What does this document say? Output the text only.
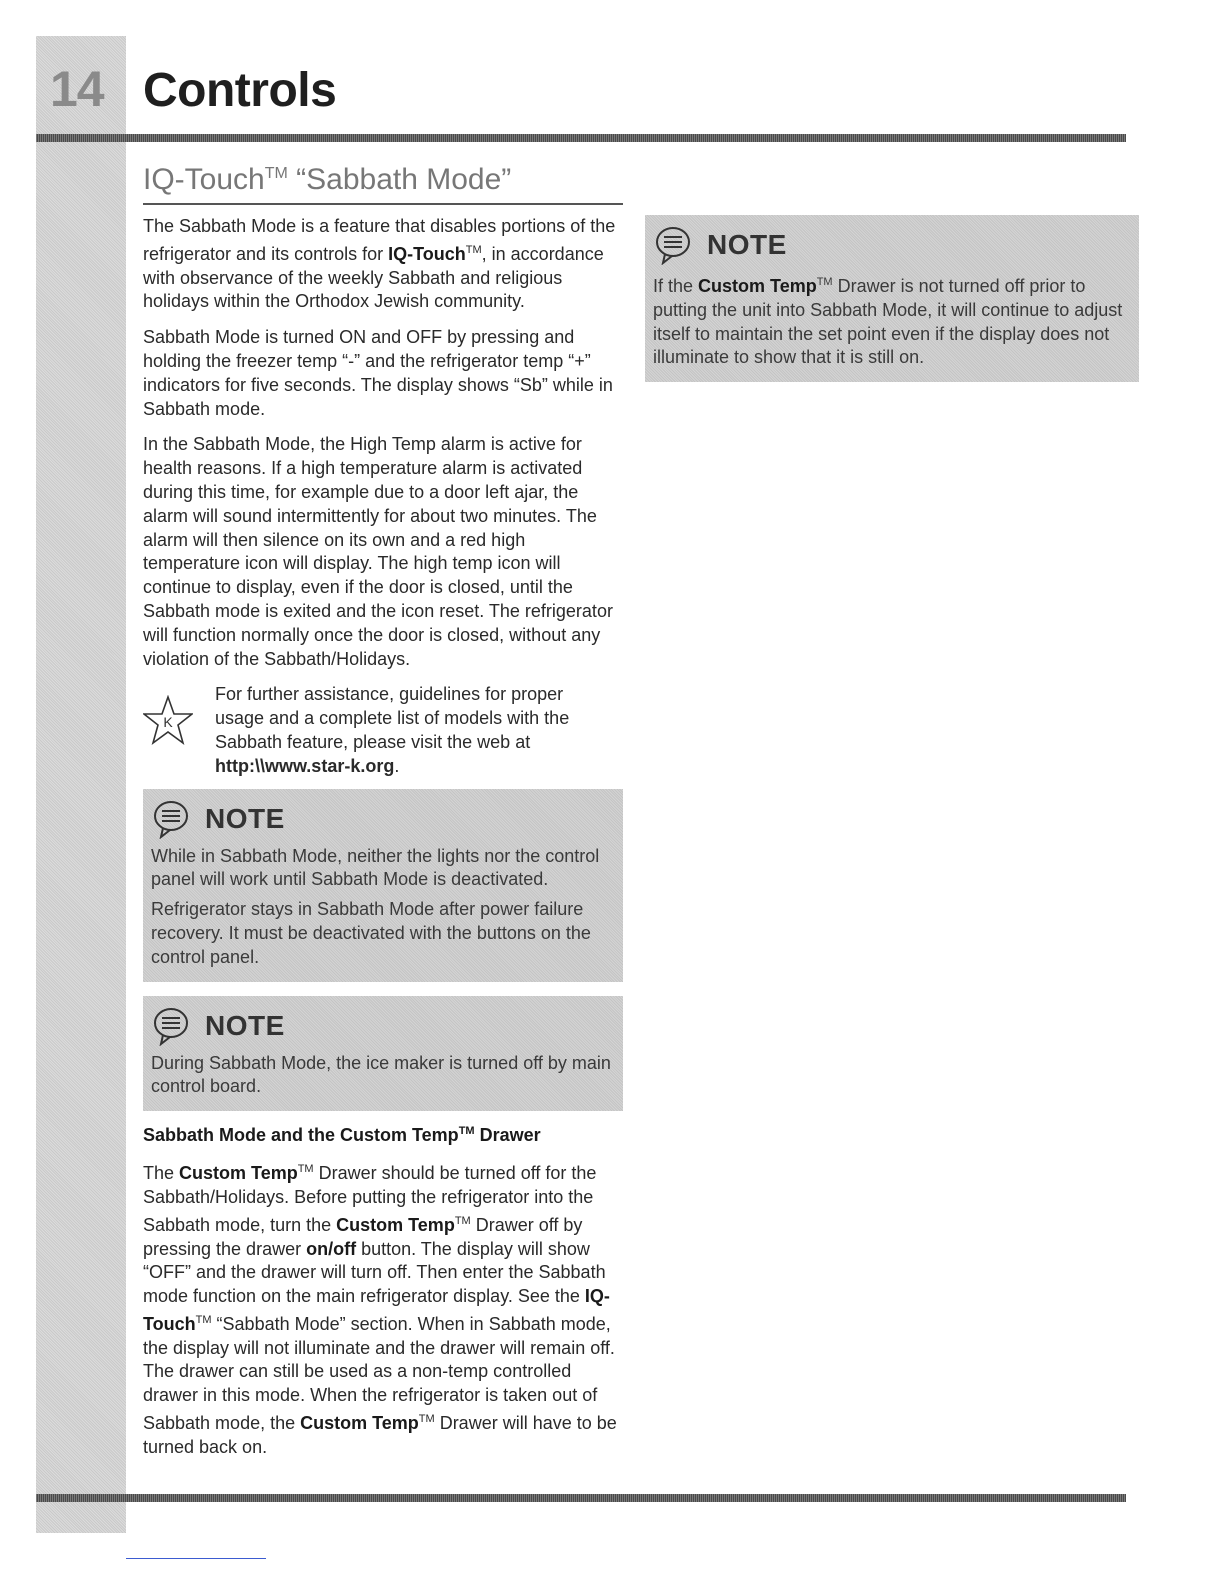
14 Controls
IQ-Touch™ “Sabbath Mode”

The Sabbath Mode is a feature that disables portions of the refrigerator and its controls for IQ-Touch™, in accordance with observance of the weekly Sabbath and religious holidays within the Orthodox Jewish community.

Sabbath Mode is turned ON and OFF by pressing and holding the freezer temp “-” and the refrigerator temp “+” indicators for five seconds. The display shows “Sb” while in Sabbath mode.

In the Sabbath Mode, the High Temp alarm is active for health reasons. If a high temperature alarm is activated during this time, for example due to a door left ajar, the alarm will sound intermittently for about two minutes. The alarm will then silence on its own and a red high temperature icon will display. The high temp icon will continue to display, even if the door is closed, until the Sabbath mode is exited and the icon reset. The refrigerator will function normally once the door is closed, without any violation of the Sabbath/Holidays.

K

For further assistance, guidelines for proper usage and a complete list of models with the Sabbath feature, please visit the web at http:\\www.star-k.org.

NOTE

While in Sabbath Mode, neither the lights nor the control panel will work until Sabbath Mode is deactivated.

Refrigerator stays in Sabbath Mode after power failure recovery. It must be deactivated with the buttons on the control panel.

NOTE

During Sabbath Mode, the ice maker is turned off by main control board.

Sabbath Mode and the Custom Temp™ Drawer

The Custom Temp™ Drawer should be turned off for the Sabbath/Holidays. Before putting the refrigerator into the Sabbath mode, turn the Custom Temp™ Drawer off by pressing the drawer on/off button. The display will show “OFF” and the drawer will turn off. Then enter the Sabbath mode function on the main refrigerator display. See the IQ-Touch™ “Sabbath Mode” section. When in Sabbath mode, the display will not illuminate and the drawer will remain off. The drawer can still be used as a non-temp controlled drawer in this mode. When the refrigerator is taken out of Sabbath mode, the Custom Temp™ Drawer will have to be turned back on.

NOTE

If the Custom Temp™ Drawer is not turned off prior to putting the unit into Sabbath Mode, it will continue to adjust itself to maintain the set point even if the display does not illuminate to show that it is still on.
